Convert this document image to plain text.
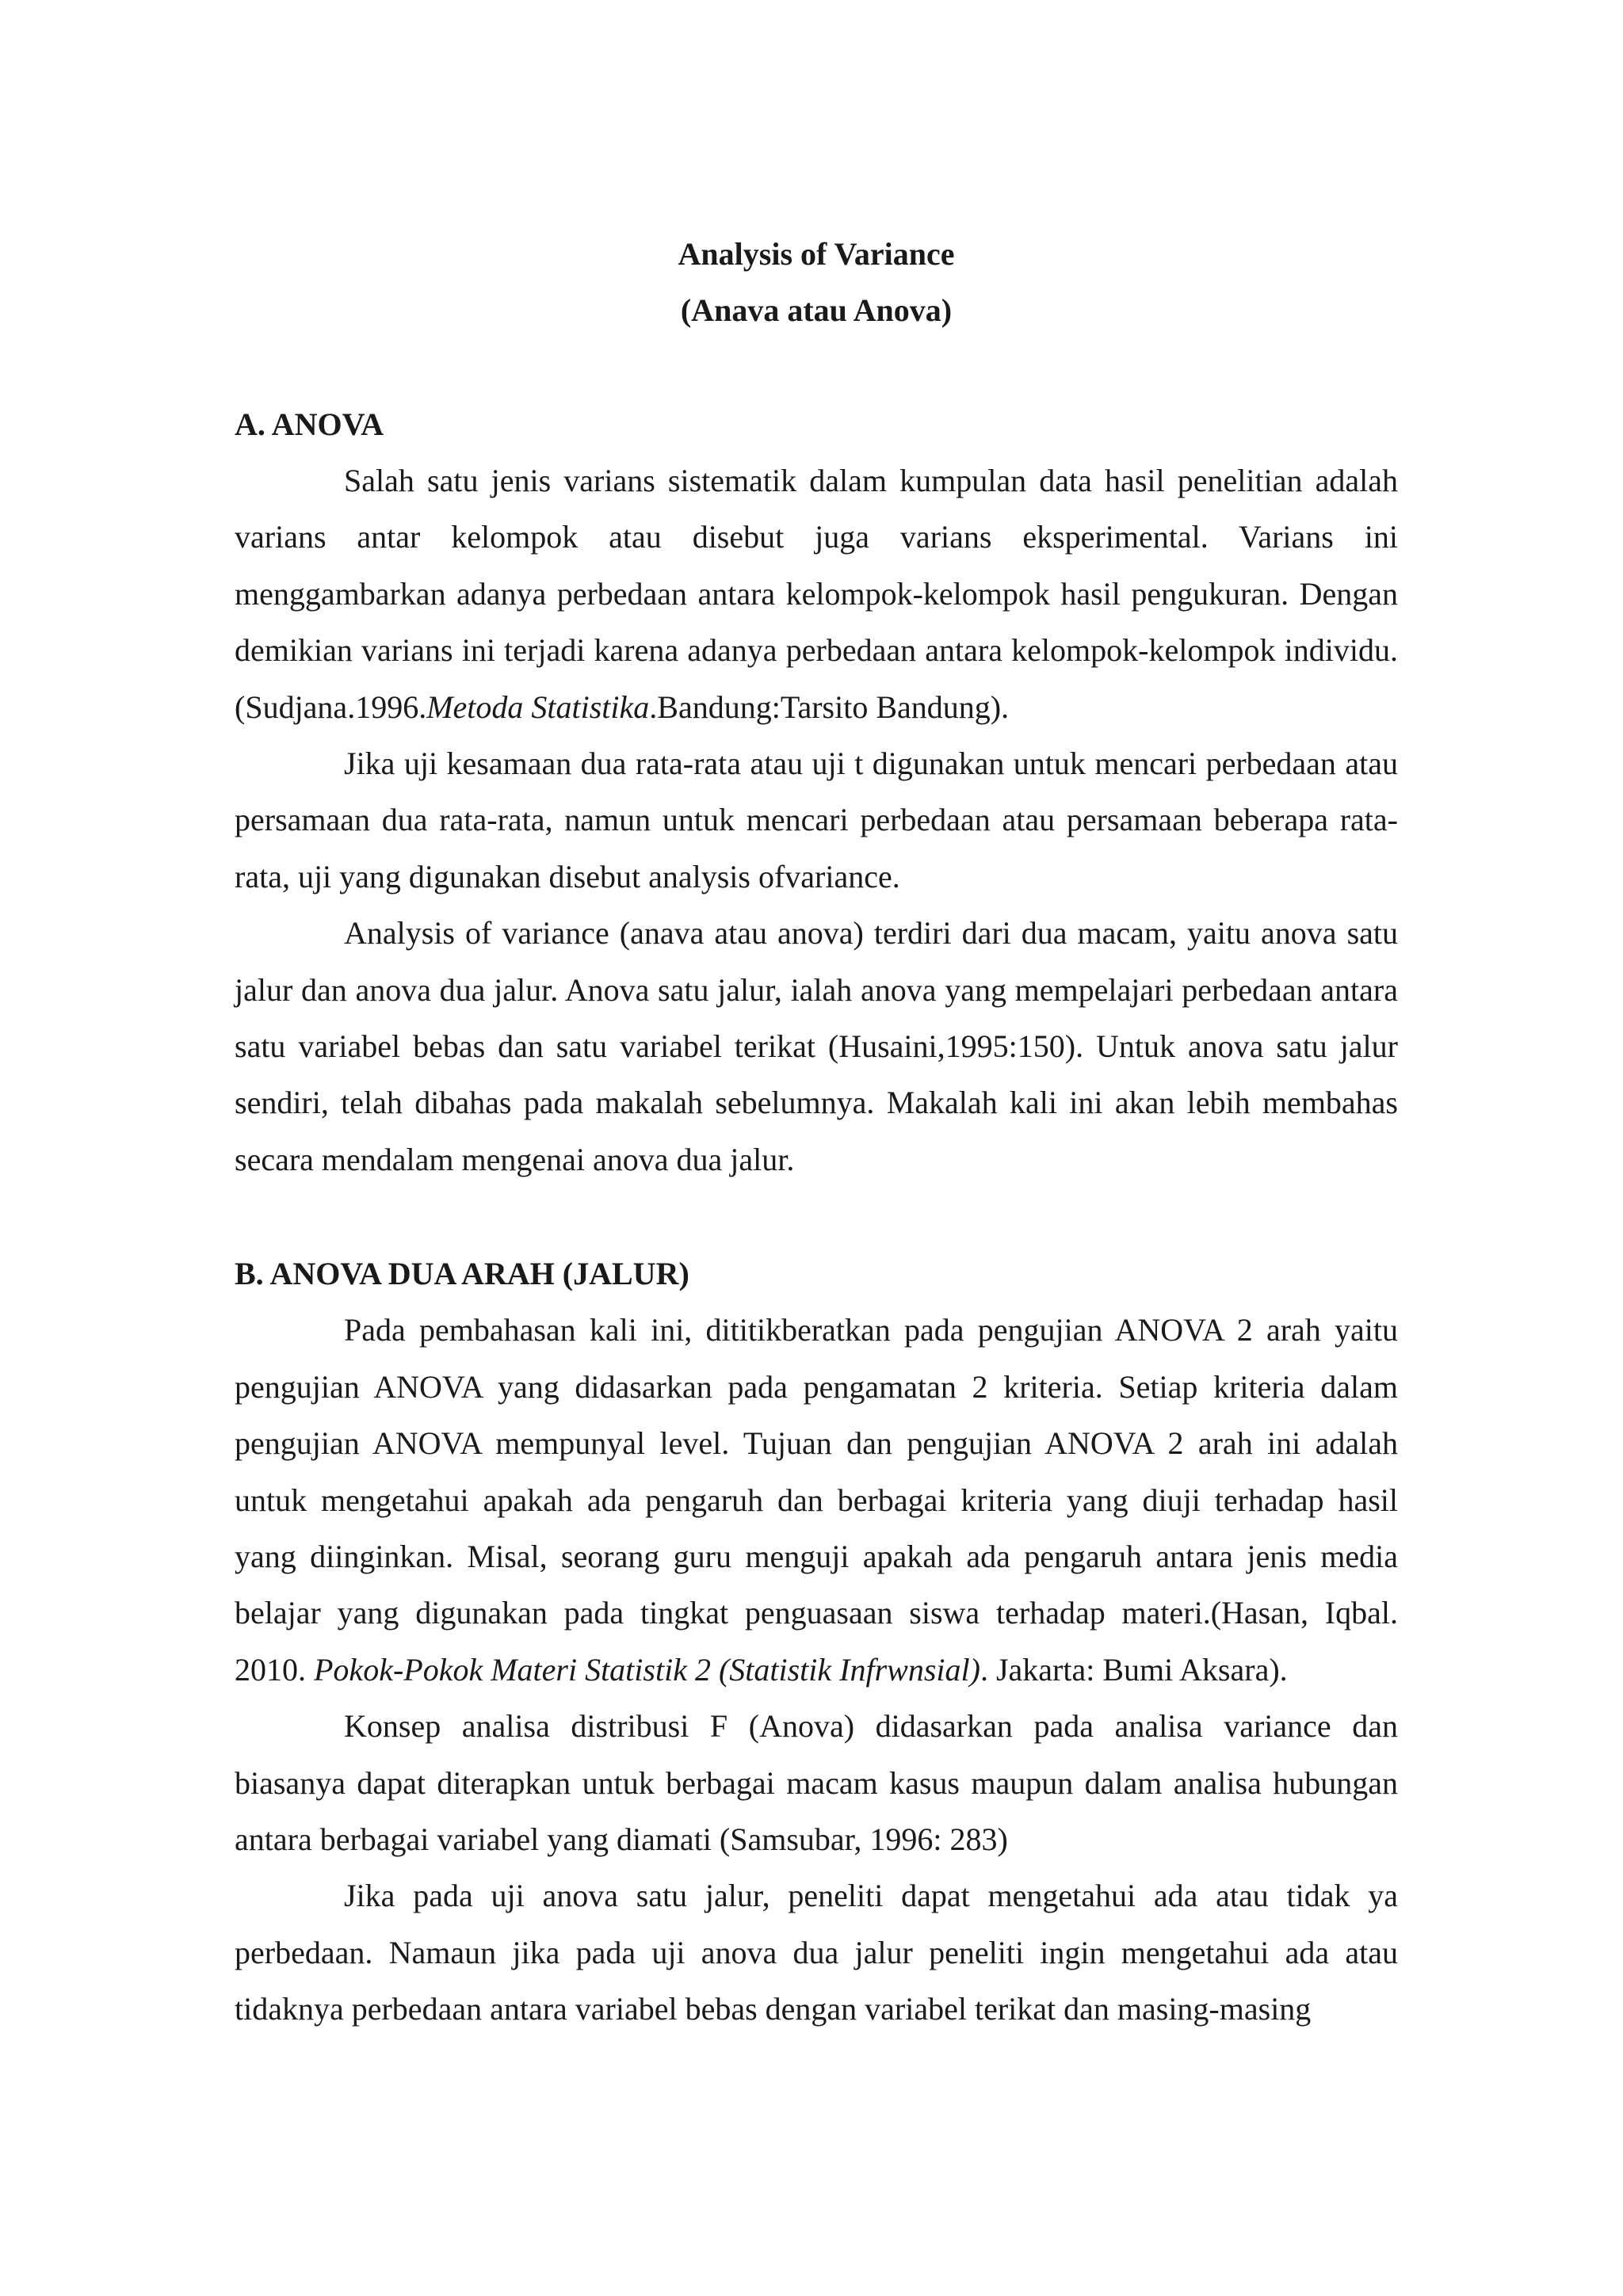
Analysis of Variance

(Anava atau Anova)

A. ANOVA

Salah satu jenis varians sistematik dalam kumpulan data hasil penelitian adalah varians antar kelompok atau disebut juga varians eksperimental. Varians ini menggambarkan adanya perbedaan antara kelompok-kelompok hasil pengukuran. Dengan demikian varians ini terjadi karena adanya perbedaan antara kelompok-kelompok individu. (Sudjana.1996.Metoda Statistika.Bandung:Tarsito Bandung).

Jika uji kesamaan dua rata-rata atau uji t digunakan untuk mencari perbedaan atau persamaan dua rata-rata, namun untuk mencari perbedaan atau persamaan beberapa rata-rata, uji yang digunakan disebut analysis ofvariance.

Analysis of variance (anava atau anova) terdiri dari dua macam, yaitu anova satu jalur dan anova dua jalur. Anova satu jalur, ialah anova yang mempelajari perbedaan antara satu variabel bebas dan satu variabel terikat (Husaini,1995:150). Untuk anova satu jalur sendiri, telah dibahas pada makalah sebelumnya. Makalah kali ini akan lebih membahas secara mendalam mengenai anova dua jalur.

B. ANOVA DUA ARAH (JALUR)

Pada pembahasan kali ini, dititikberatkan pada pengujian ANOVA 2 arah yaitu pengujian ANOVA yang didasarkan pada pengamatan 2 kriteria. Setiap kriteria dalam pengujian ANOVA mempunyal level. Tujuan dan pengujian ANOVA 2 arah ini adalah untuk mengetahui apakah ada pengaruh dan berbagai kriteria yang diuji terhadap hasil yang diinginkan. Misal, seorang guru menguji apakah ada pengaruh antara jenis media belajar yang digunakan pada tingkat penguasaan siswa terhadap materi.(Hasan, Iqbal. 2010. Pokok-Pokok Materi Statistik 2 (Statistik Infrwnsial). Jakarta: Bumi Aksara).

Konsep analisa distribusi F (Anova) didasarkan pada analisa variance dan biasanya dapat diterapkan untuk berbagai macam kasus maupun dalam analisa hubungan antara berbagai variabel yang diamati (Samsubar, 1996: 283)

Jika pada uji anova satu jalur, peneliti dapat mengetahui ada atau tidak ya perbedaan. Namaun jika pada uji anova dua jalur peneliti ingin mengetahui ada atau tidaknya perbedaan antara variabel bebas dengan variabel terikat dan masing-masing
